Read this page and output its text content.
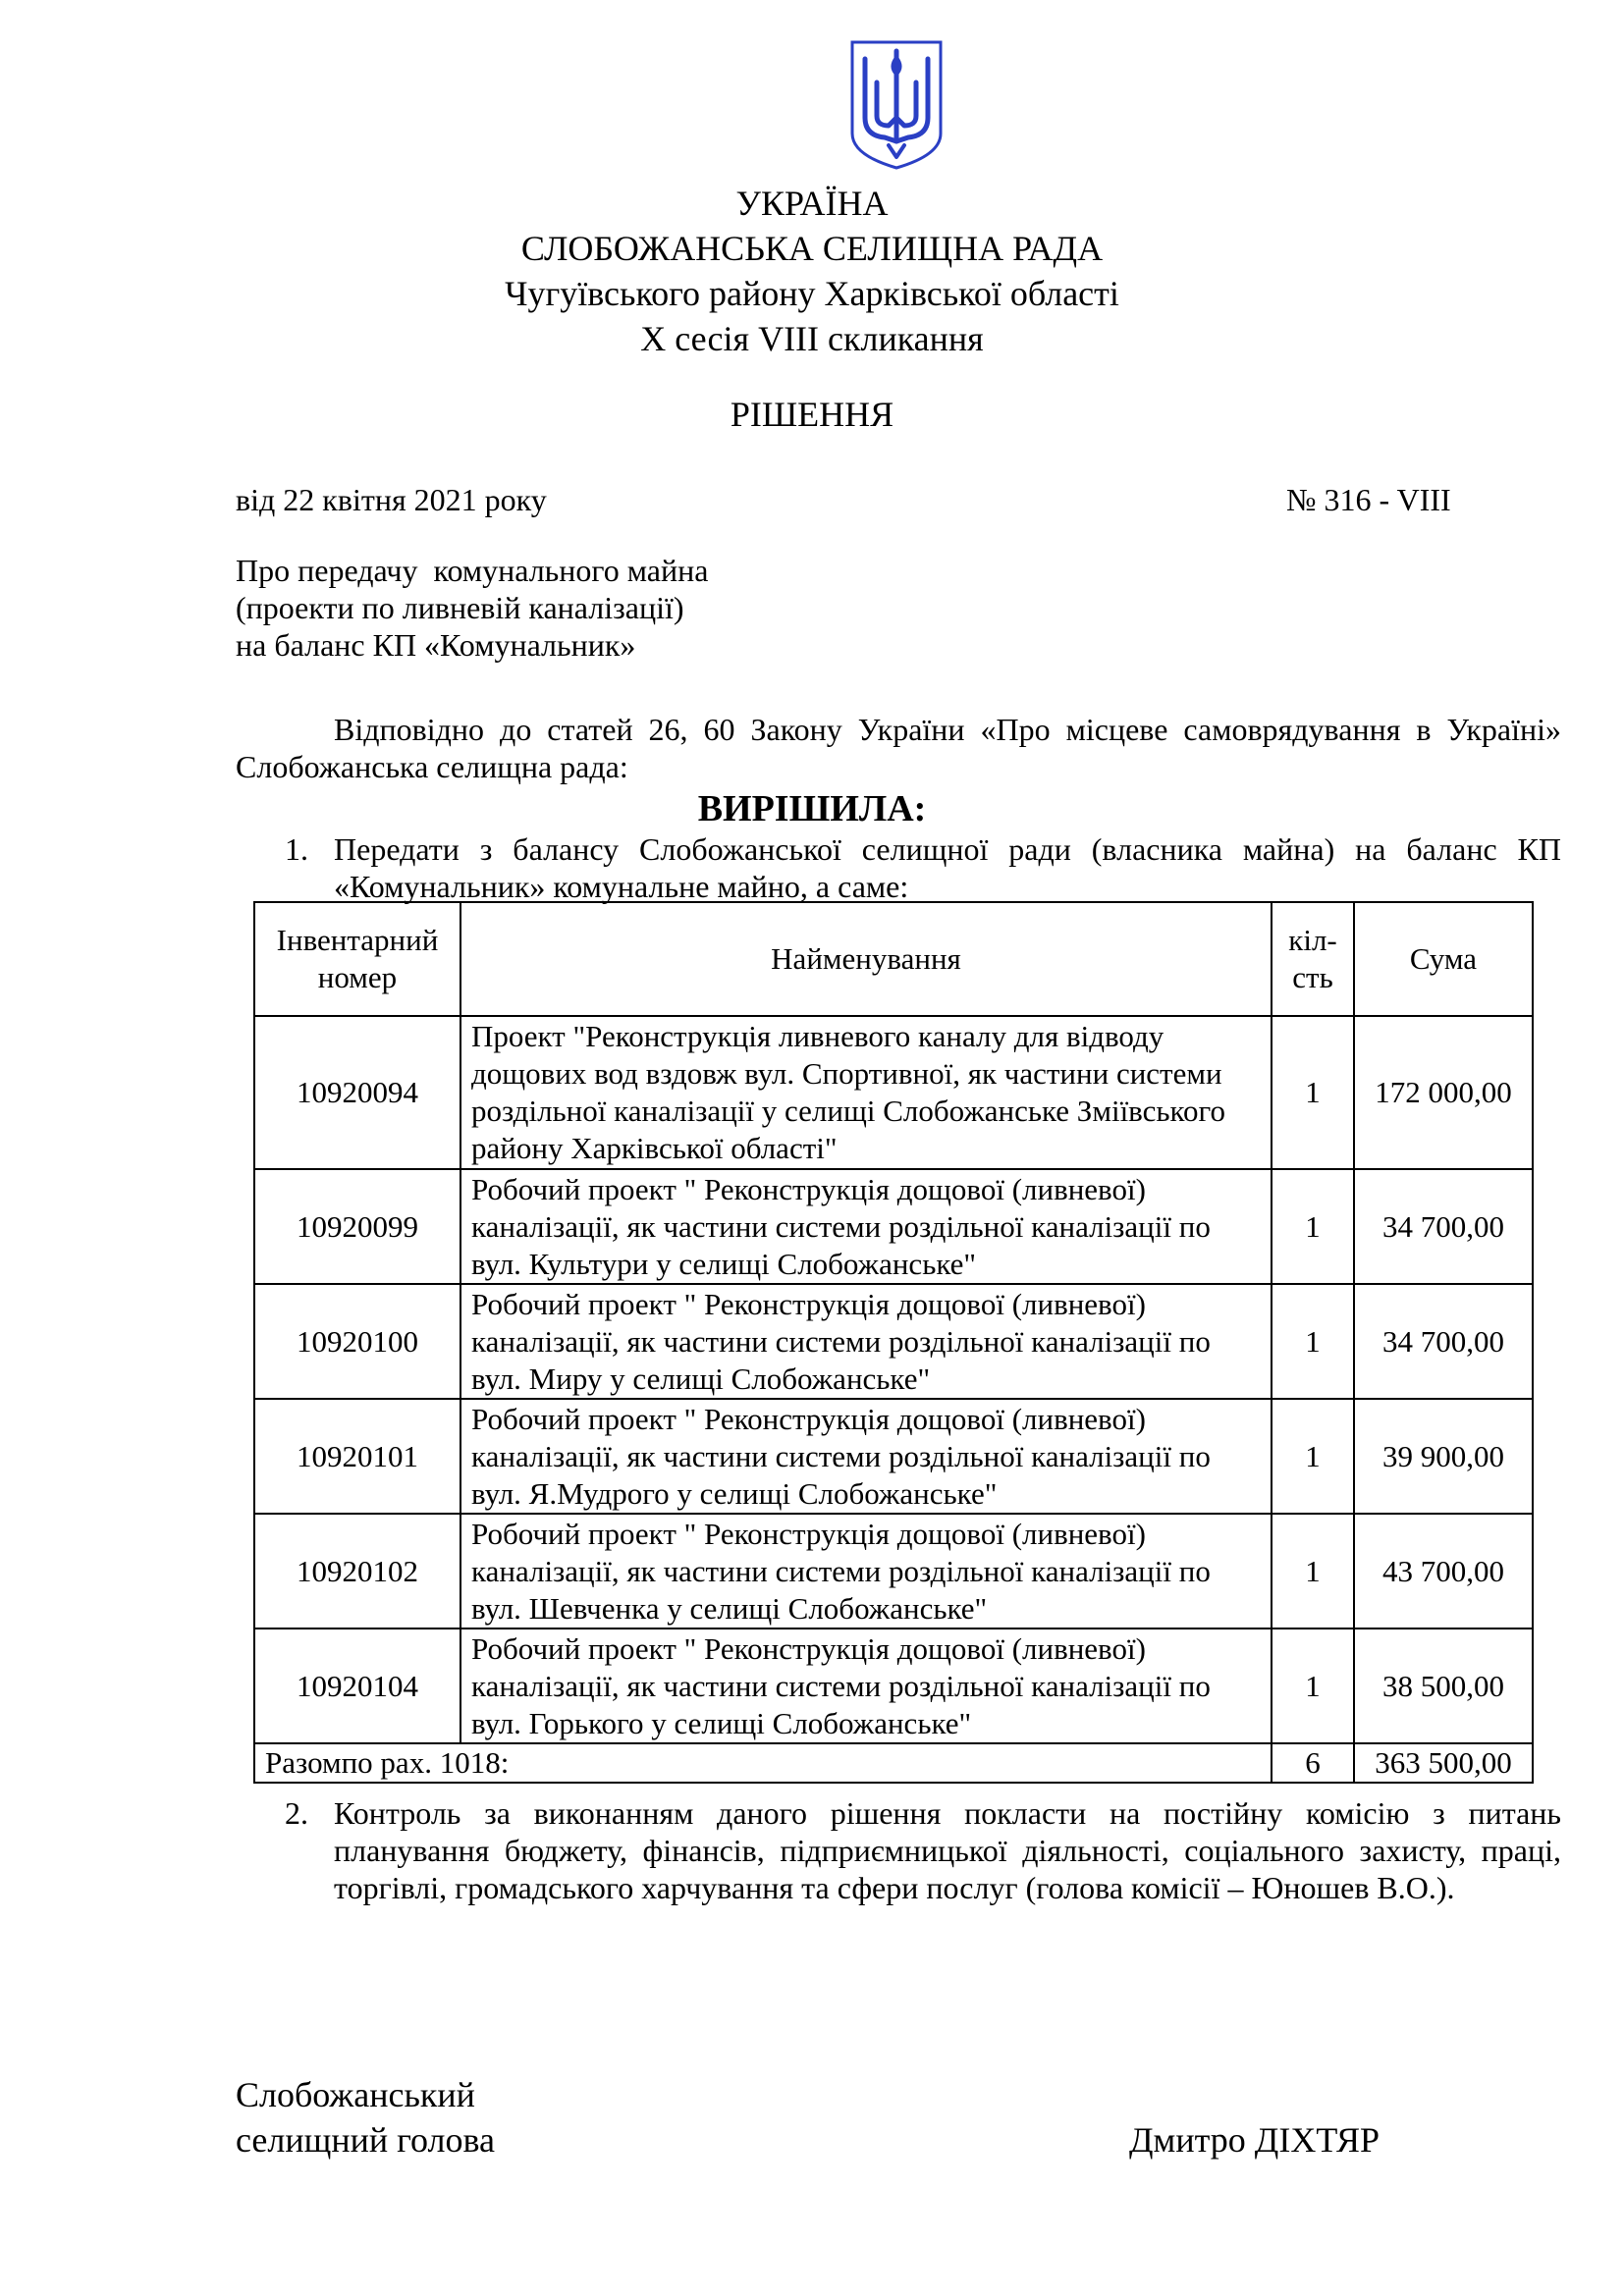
УКРАЇНА
СЛОБОЖАНСЬКА СЕЛИЩНА РАДА
Чугуївського району Харківської області
Х сесія VIII скликання
РІШЕННЯ
від 22 квітня 2021 року	№ 316 - VIII
Про передачу  комунального майна
(проекти по ливневій каналізації)
на баланс КП «Комунальник»
Відповідно до статей 26, 60 Закону України «Про місцеве самоврядування в Україні» Слобожанська селищна рада:
ВИРІШИЛА:
1. Передати з балансу Слобожанської селищної ради (власника майна) на баланс КП «Комунальник» комунальне майно, а саме:
Інвентарний номер	Найменування	кіл-сть	Сума
10920094	Проект "Реконструкція ливневого каналу для відводу дощових вод вздовж вул. Спортивної, як частини системи роздільної каналізації у селищі Слобожанське Зміївського району Харківської області"	1	172 000,00
10920099	Робочий проект " Реконструкція дощової (ливневої) каналізації, як частини системи роздільної каналізації по вул. Культури у селищі Слобожанське"	1	34 700,00
10920100	Робочий проект " Реконструкція дощової (ливневої) каналізації, як частини системи роздільної каналізації по вул. Миру у селищі Слобожанське"	1	34 700,00
10920101	Робочий проект " Реконструкція дощової (ливневої) каналізації, як частини системи роздільної каналізації по вул. Я.Мудрого у селищі Слобожанське"	1	39 900,00
10920102	Робочий проект " Реконструкція дощової (ливневої) каналізації, як частини системи роздільної каналізації по вул. Шевченка у селищі Слобожанське"	1	43 700,00
10920104	Робочий проект " Реконструкція дощової (ливневої) каналізації, як частини системи роздільної каналізації по вул. Горького у селищі Слобожанське"	1	38 500,00
Разомпо рах. 1018:		6	363 500,00
2. Контроль за виконанням даного рішення покласти на постійну комісію з питань планування бюджету, фінансів, підприємницької діяльності, соціального захисту, праці, торгівлі, громадського харчування та сфери послуг (голова комісії – Юношев В.О.).
Слобожанський
селищний голова	Дмитро ДІХТЯР
